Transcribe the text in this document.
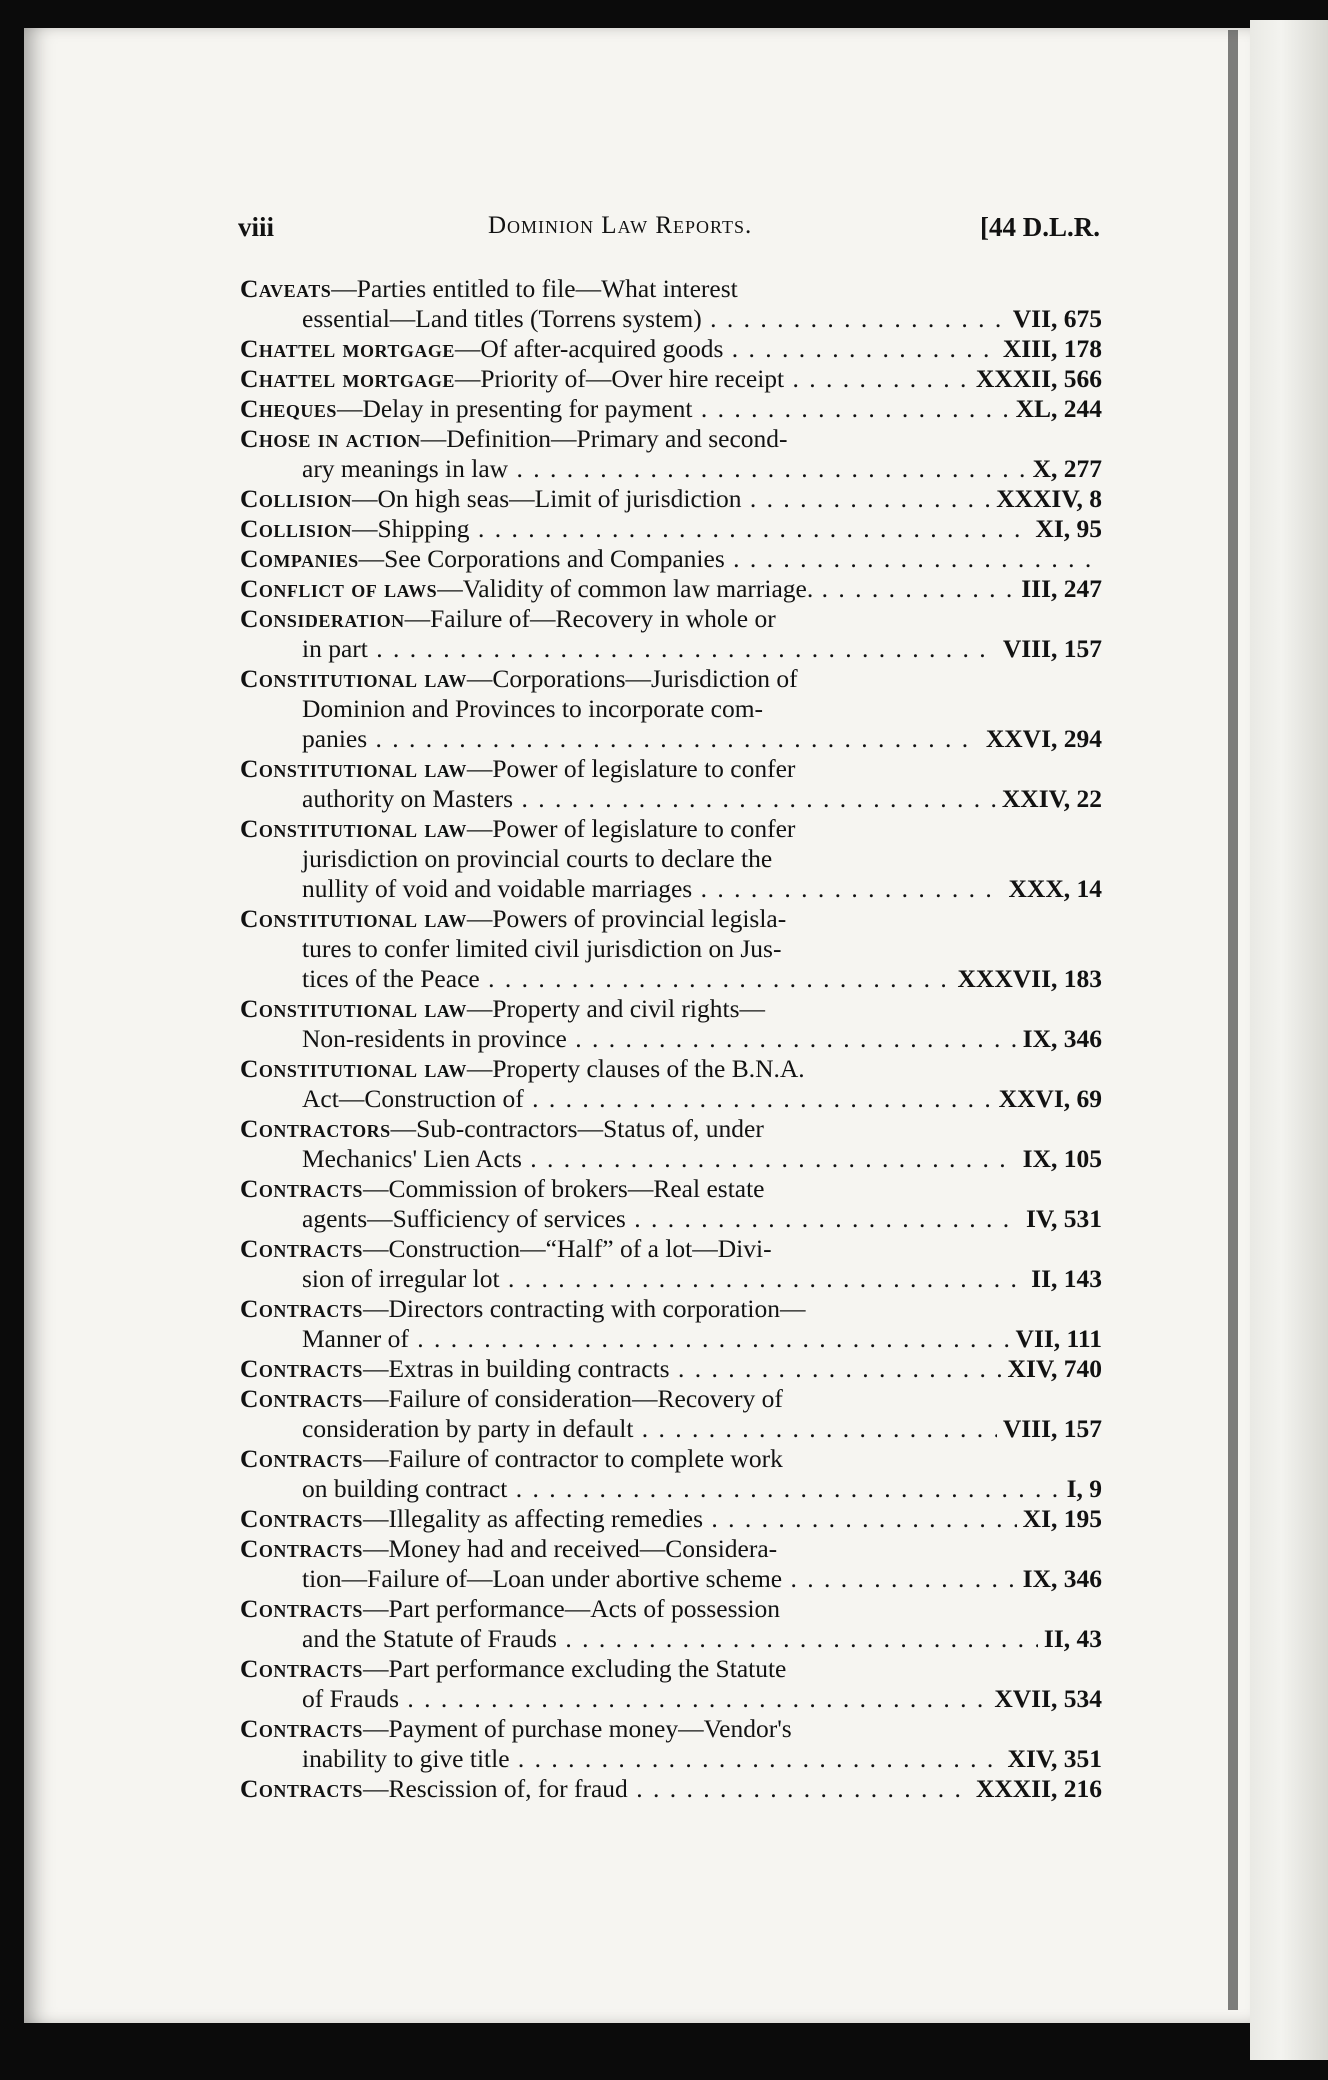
viii	Dominion Law Reports.	[44 D.L.R.
Caveats—Parties entitled to file—What interest
essential—Land titles (Torrens system) . . .	VII, 675
Chattel mortgage—Of after-acquired goods . . .	XIII, 178
Chattel mortgage—Priority of—Over hire receipt . . .	XXXII, 566
Cheques—Delay in presenting for payment . . .	XL, 244
Chose in action—Definition—Primary and second-
ary meanings in law . . .	X, 277
Collision—On high seas—Limit of jurisdiction . . .	XXXIV, 8
Collision—Shipping . . .	XI, 95
Companies—See Corporations and Companies . . .
Conflict of laws—Validity of common law marriage. . . .	III, 247
Consideration—Failure of—Recovery in whole or
in part . . .	VIII, 157
Constitutional law—Corporations—Jurisdiction of
Dominion and Provinces to incorporate com-
panies . . .	XXVI, 294
Constitutional law—Power of legislature to confer
authority on Masters . . .	XXIV, 22
Constitutional law—Power of legislature to confer
jurisdiction on provincial courts to declare the
nullity of void and voidable marriages . . .	XXX, 14
Constitutional law—Powers of provincial legisla-
tures to confer limited civil jurisdiction on Jus-
tices of the Peace . . .	XXXVII, 183
Constitutional law—Property and civil rights—
Non-residents in province . . .	IX, 346
Constitutional law—Property clauses of the B.N.A.
Act—Construction of . . .	XXVI, 69
Contractors—Sub-contractors—Status of, under
Mechanics' Lien Acts . . .	IX, 105
Contracts—Commission of brokers—Real estate
agents—Sufficiency of services . . .	IV, 531
Contracts—Construction—“Half” of a lot—Divi-
sion of irregular lot . . .	II, 143
Contracts—Directors contracting with corporation—
Manner of . . .	VII, 111
Contracts—Extras in building contracts . . .	XIV, 740
Contracts—Failure of consideration—Recovery of
consideration by party in default . . .	VIII, 157
Contracts—Failure of contractor to complete work
on building contract . . .	I, 9
Contracts—Illegality as affecting remedies . . .	XI, 195
Contracts—Money had and received—Considera-
tion—Failure of—Loan under abortive scheme . . .	IX, 346
Contracts—Part performance—Acts of possession
and the Statute of Frauds . . .	II, 43
Contracts—Part performance excluding the Statute
of Frauds . . .	XVII, 534
Contracts—Payment of purchase money—Vendor's
inability to give title . . .	XIV, 351
Contracts—Rescission of, for fraud . . .	XXXII, 216
